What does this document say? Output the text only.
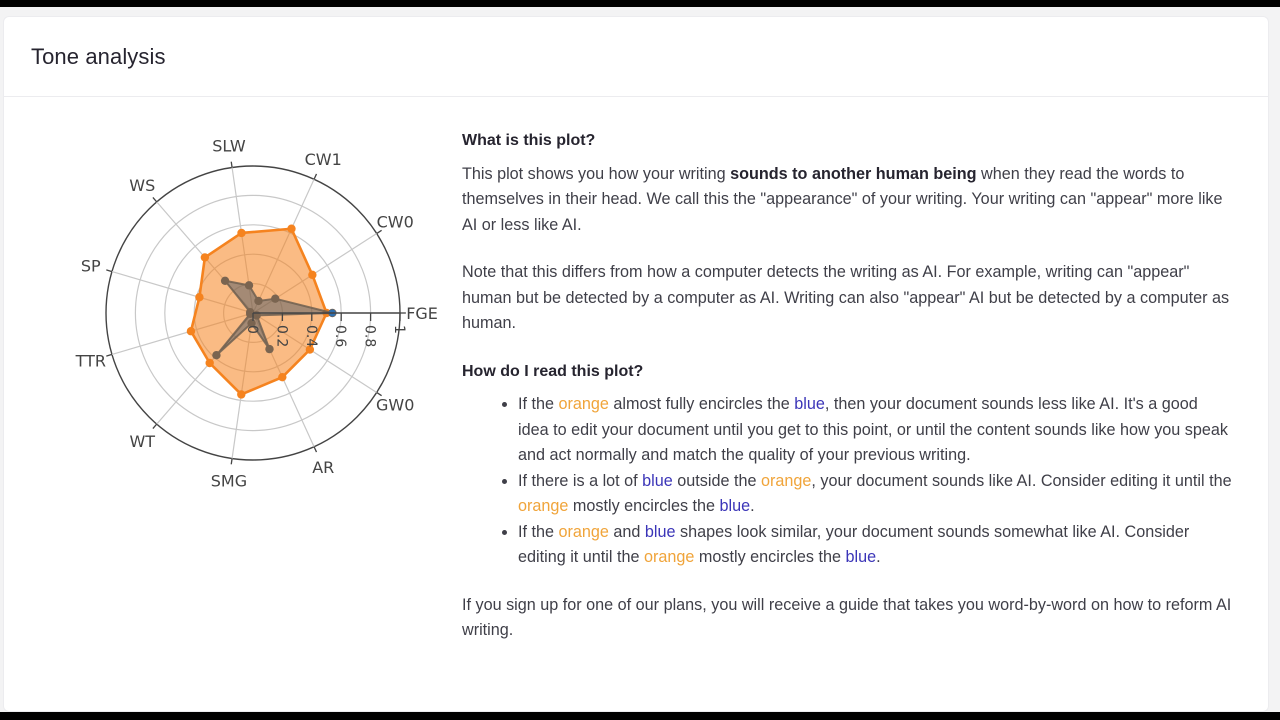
Tone analysis
FGE
CW0
CW1
SLW
WS
SP
TTR
WT
SMG
AR
GW0
0 0.2 0.4 0.6 0.8 1
What is this plot?

This plot shows you how your writing sounds to another human being when they read the words to themselves in their head. We call this the "appearance" of your writing. Your writing can "appear" more like AI or less like AI.

Note that this differs from how a computer detects the writing as AI. For example, writing can "appear" human but be detected by a computer as AI. Writing can also "appear" AI but be detected by a computer as human.

How do I read this plot?
• If the orange almost fully encircles the blue, then your document sounds less like AI. It's a good idea to edit your document until you get to this point, or until the content sounds like how you speak and act normally and match the quality of your previous writing.
• If there is a lot of blue outside the orange, your document sounds like AI. Consider editing it until the orange mostly encircles the blue.
• If the orange and blue shapes look similar, your document sounds somewhat like AI. Consider editing it until the orange mostly encircles the blue.

If you sign up for one of our plans, you will receive a guide that takes you word-by-word on how to reform AI writing.
